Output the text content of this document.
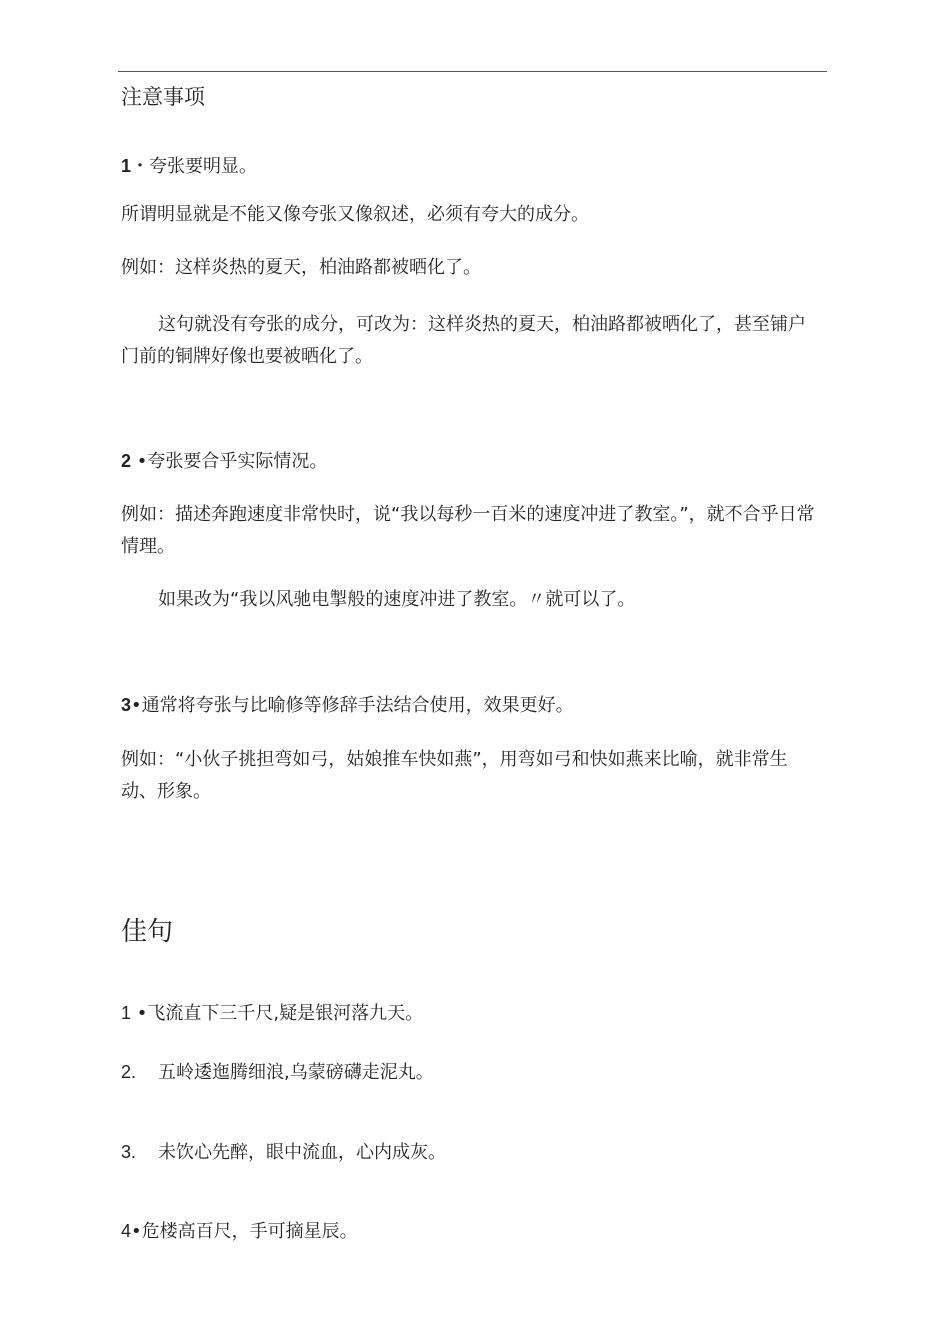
注意事项

1・夸张要明显。

所谓明显就是不能又像夸张又像叙述，必须有夸大的成分。

例如：这样炎热的夏天，柏油路都被晒化了。

这句就没有夸张的成分，可改为：这样炎热的夏天，柏油路都被晒化了，甚至铺户门前的铜牌好像也要被晒化了。

2 •夸张要合乎实际情况。

例如：描述奔跑速度非常快时，说“我以每秒一百米的速度冲进了教室。”，就不合乎日常情理。

如果改为“我以风驰电掣般的速度冲进了教室。〃就可以了。

3•通常将夸张与比喻修等修辞手法结合使用，效果更好。

例如：“小伙子挑担弯如弓，姑娘推车快如燕”，用弯如弓和快如燕来比喻，就非常生动、形象。

佳句

1 •飞流直下三千尺,疑是银河落九天。

2. 五岭逶迤腾细浪,乌蒙磅礴走泥丸。

3. 未饮心先醉，眼中流血，心内成灰。

4•危楼高百尺，手可摘星辰。
